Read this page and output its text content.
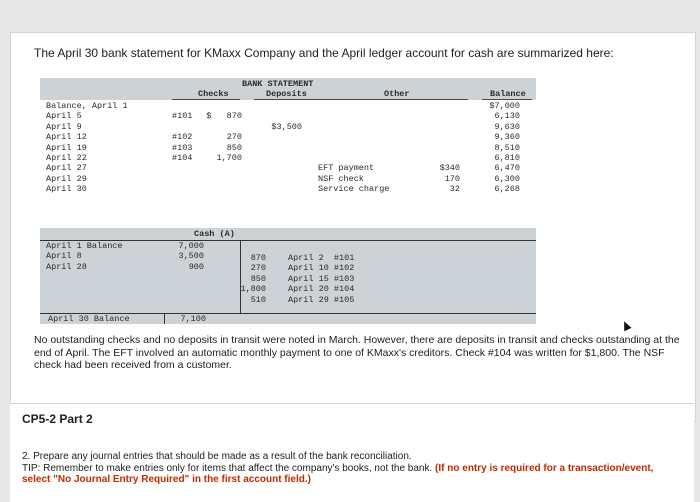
The April 30 bank statement for KMaxx Company and the April ledger account for cash are summarized here:
BANK STATEMENT
Checks	Deposits	Other	Balance
Balance, April 1	$7,000
April 5	#101	$   870	6,130
April 9	$3,500	9,630
April 12	#102	270	9,360
April 19	#103	850	8,510
April 22	#104	1,700	6,810
April 27	EFT payment	$340	6,470
April 29	NSF check	170	6,300
April 30	Service charge	32	6,268
Cash (A)
April 1 Balance	7,000
April 8	3,500
April 28	900
870	April 2  #101
270	April 10 #102
850	April 15 #103
1,800	April 20 #104
510	April 29 #105
April 30 Balance	7,100
No outstanding checks and no deposits in transit were noted in March. However, there are deposits in transit and checks outstanding at the end of April. The EFT involved an automatic monthly payment to one of KMaxx's creditors. Check #104 was written for $1,800. The NSF check had been received from a customer.
CP5-2 Part 2
2. Prepare any journal entries that should be made as a result of the bank reconciliation.
TIP: Remember to make entries only for items that affect the company's books, not the bank. (If no entry is required for a transaction/event, select "No Journal Entry Required" in the first account field.)
